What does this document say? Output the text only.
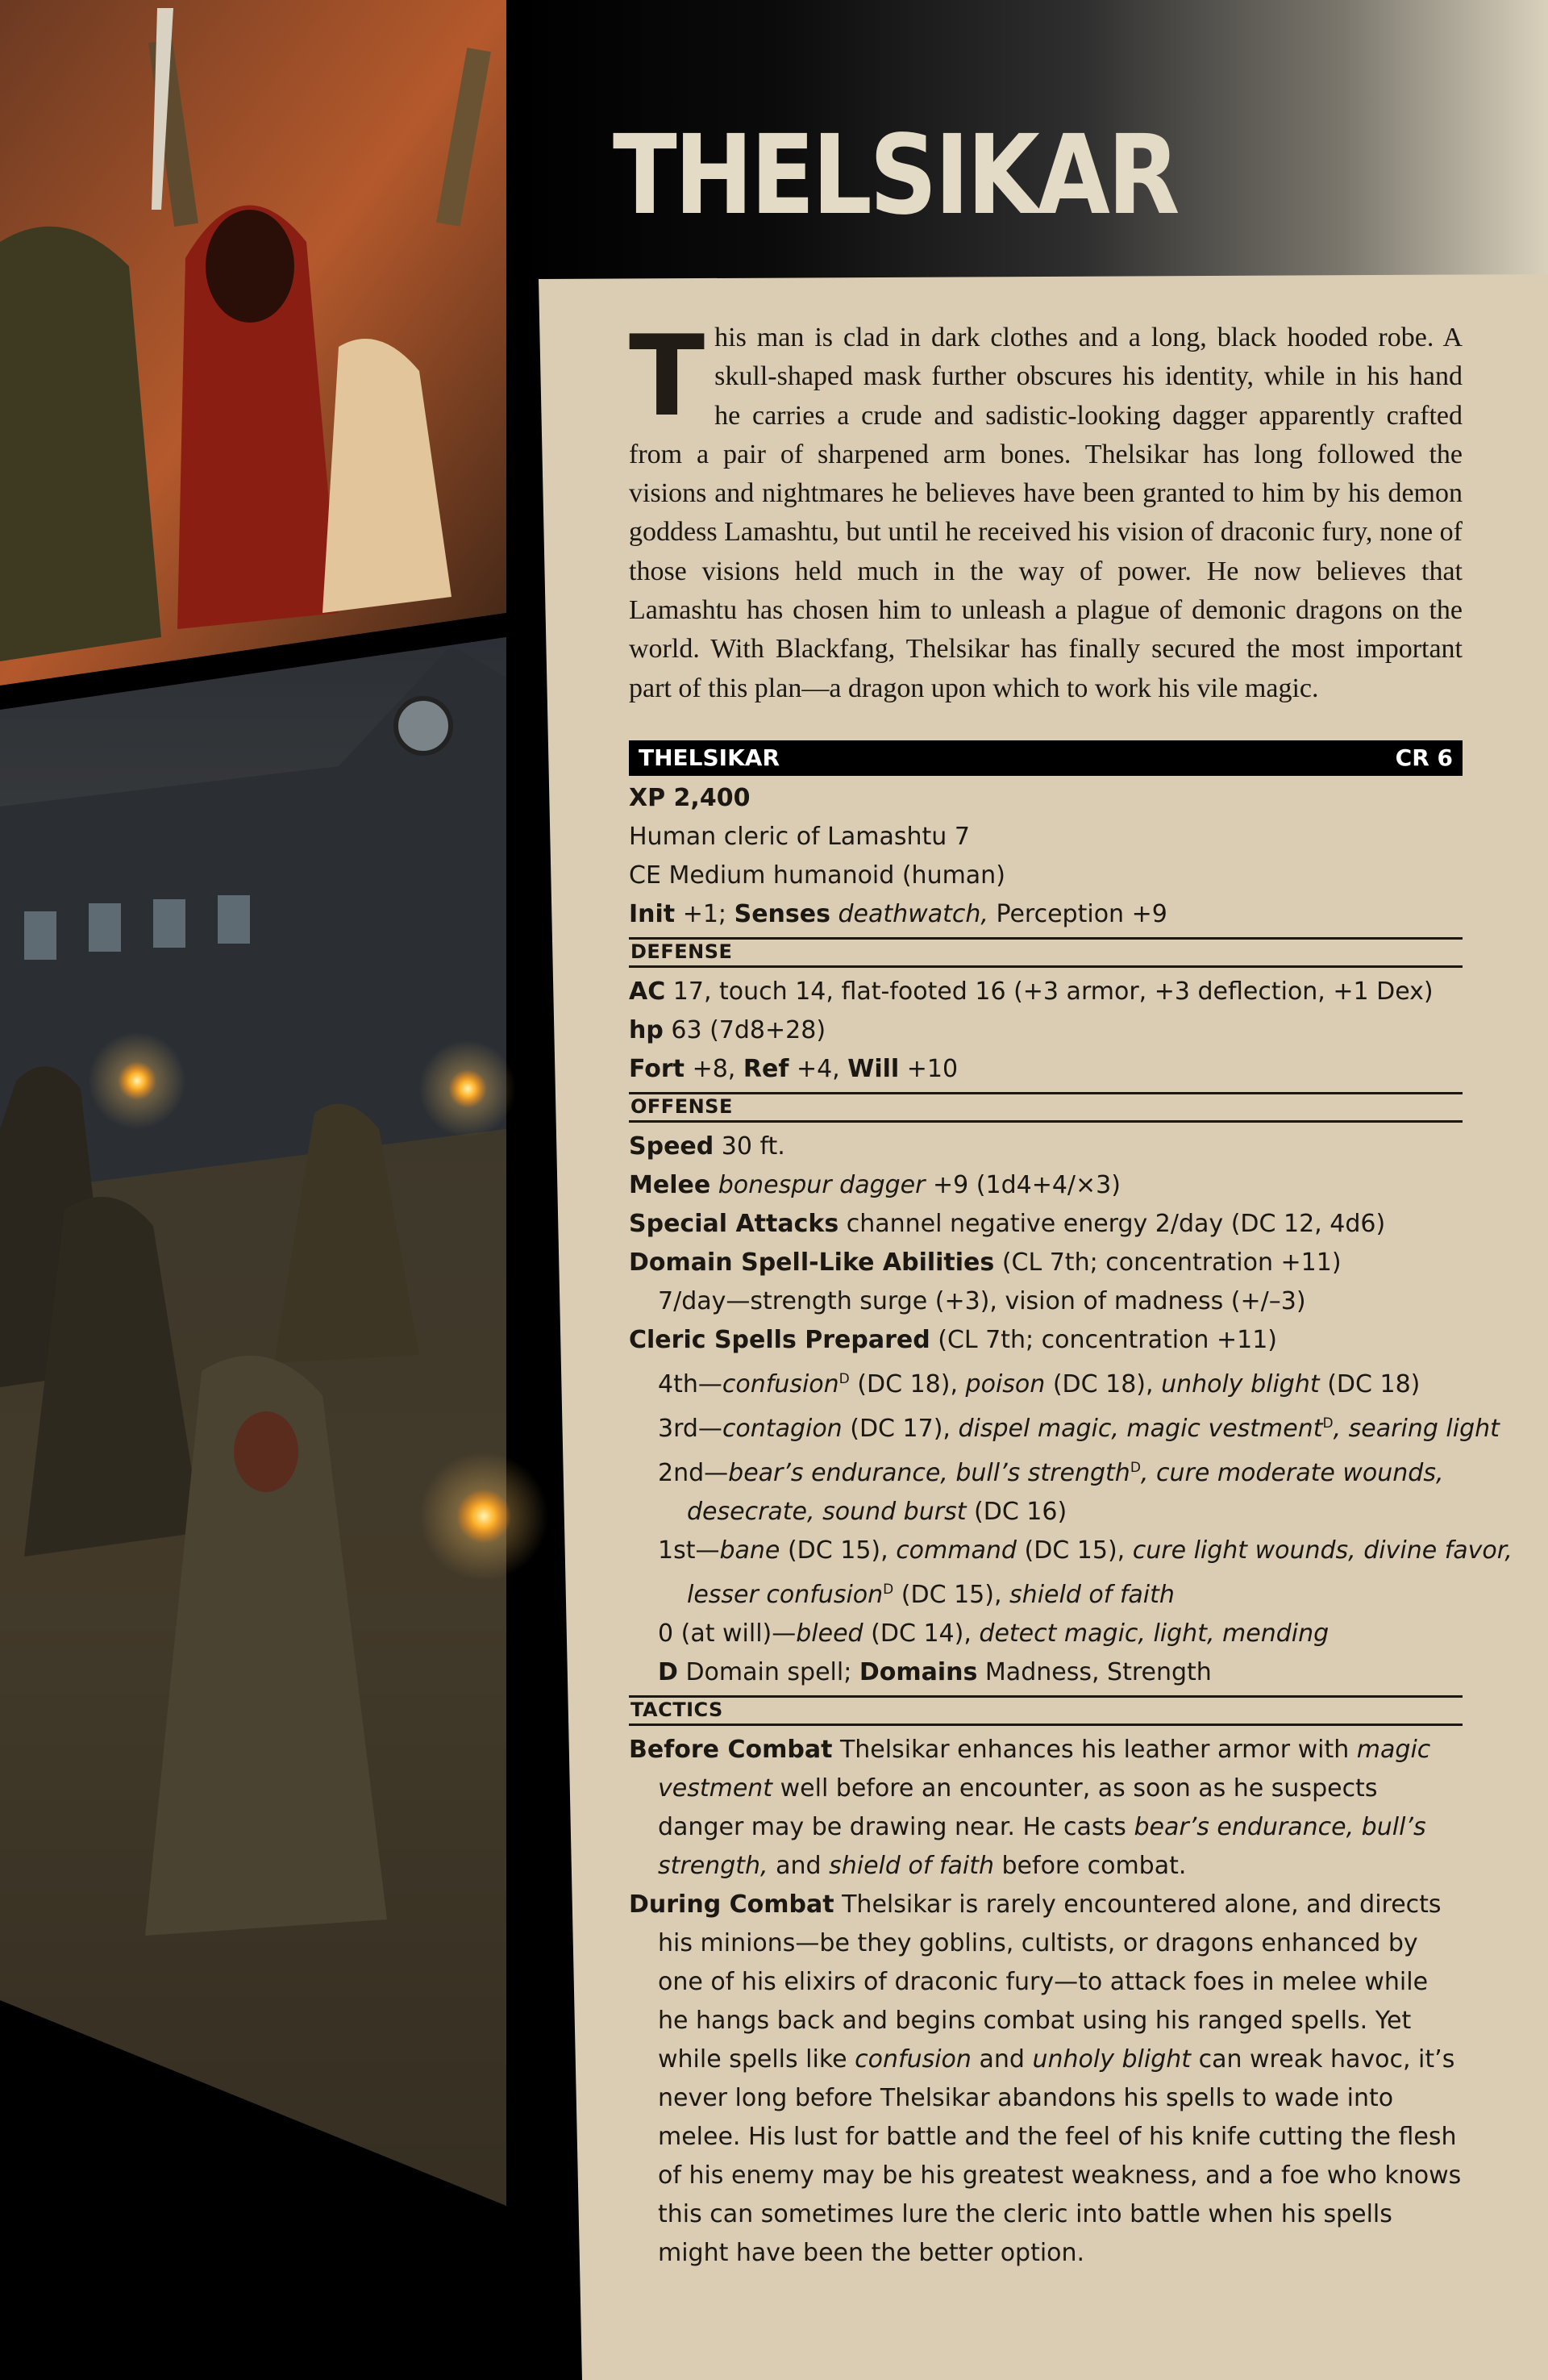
THELSIKAR

This man is clad in dark clothes and a long, black hooded robe. A skull-shaped mask further obscures his identity, while in his hand he carries a crude and sadistic-looking dagger apparently crafted from a pair of sharpened arm bones. Thelsikar has long followed the visions and nightmares he believes have been granted to him by his demon goddess Lamashtu, but until he received his vision of draconic fury, none of those visions held much in the way of power. He now believes that Lamashtu has chosen him to unleash a plague of demonic dragons on the world. With Blackfang, Thelsikar has finally secured the most important part of this plan—a dragon upon which to work his vile magic.

THELSIKAR	CR 6
XP 2,400
Human cleric of Lamashtu 7
CE Medium humanoid (human)
Init +1; Senses deathwatch, Perception +9
DEFENSE
AC 17, touch 14, flat-footed 16 (+3 armor, +3 deflection, +1 Dex)
hp 63 (7d8+28)
Fort +8, Ref +4, Will +10
OFFENSE
Speed 30 ft.
Melee bonespur dagger +9 (1d4+4/×3)
Special Attacks channel negative energy 2/day (DC 12, 4d6)
Domain Spell-Like Abilities (CL 7th; concentration +11)
7/day—strength surge (+3), vision of madness (+/–3)
Cleric Spells Prepared (CL 7th; concentration +11)
4th—confusion$^D$ (DC 18), poison (DC 18), unholy blight (DC 18)
3rd—contagion (DC 17), dispel magic, magic vestment$^D$, searing light
2nd—bear’s endurance, bull’s strength$^D$, cure moderate wounds,
desecrate, sound burst (DC 16)
1st—bane (DC 15), command (DC 15), cure light wounds, divine favor,
lesser confusion$^D$ (DC 15), shield of faith
0 (at will)—bleed (DC 14), detect magic, light, mending
D Domain spell; Domains Madness, Strength
TACTICS
Before Combat Thelsikar enhances his leather armor with magic vestment well before an encounter, as soon as he suspects danger may be drawing near. He casts bear’s endurance, bull’s strength, and shield of faith before combat.
During Combat Thelsikar is rarely encountered alone, and directs his minions—be they goblins, cultists, or dragons enhanced by one of his elixirs of draconic fury—to attack foes in melee while he hangs back and begins combat using his ranged spells. Yet while spells like confusion and unholy blight can wreak havoc, it’s never long before Thelsikar abandons his spells to wade into melee. His lust for battle and the feel of his knife cutting the flesh of his enemy may be his greatest weakness, and a foe who knows this can sometimes lure the cleric into battle when his spells might have been the better option.
